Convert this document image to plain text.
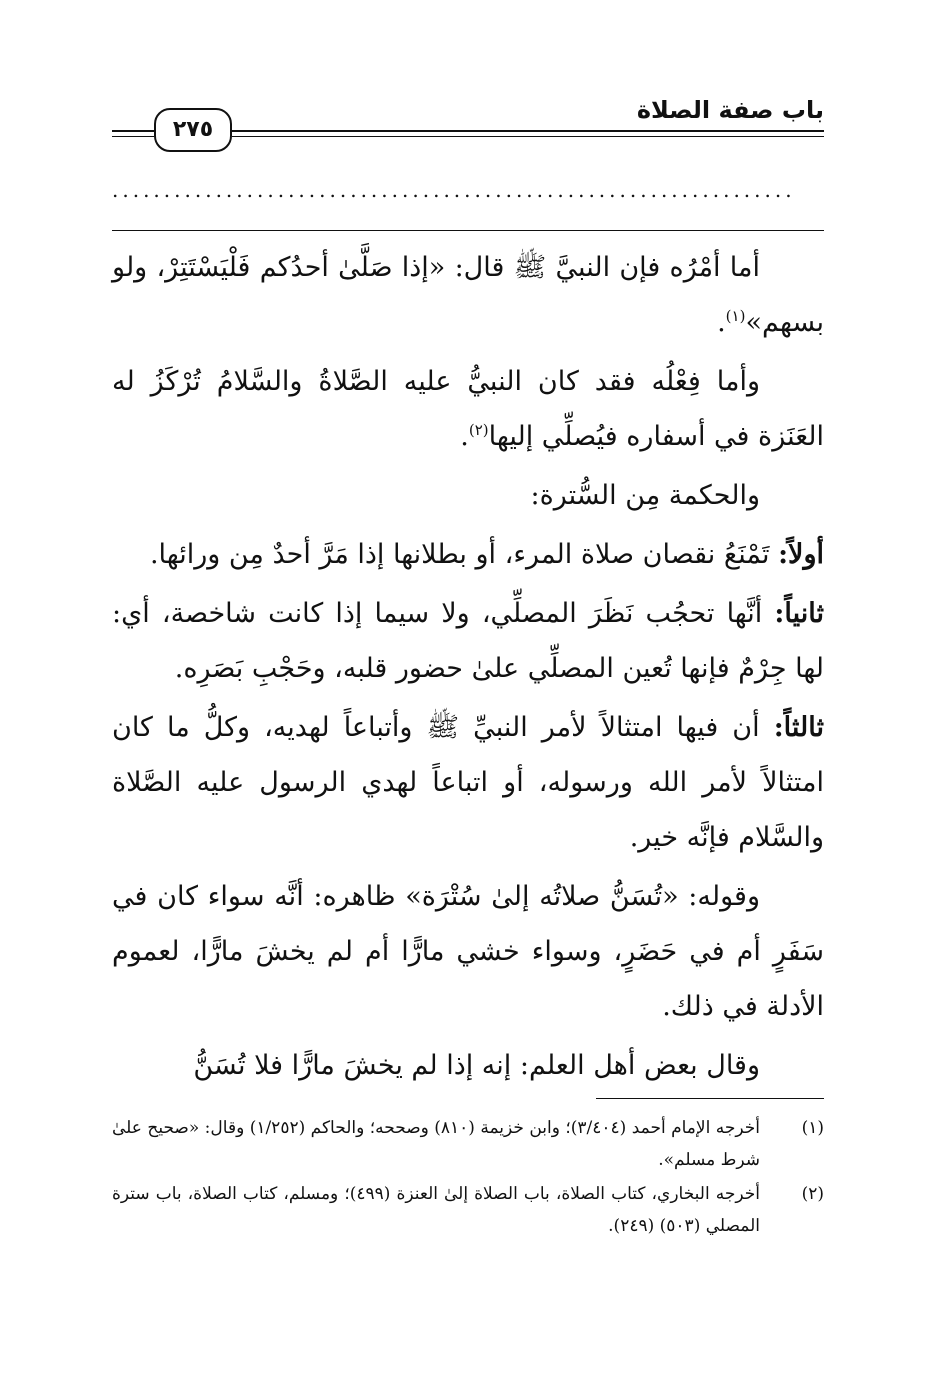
باب صفة الصلاة
٢٧٥
..................................................................

أما أمْرُه فإن النبيَّ ﷺ قال: «إذا صَلَّىٰ أحدُكم فَلْيَسْتَتِرْ، ولو بسهم»$^{(١)}$.

وأما فِعْلُه فقد كان النبيُّ عليه الصَّلاةُ والسَّلامُ تُرْكَزُ له العَنَزة في أسفاره فيُصلِّي إليها$^{(٢)}$.

والحكمة مِن السُّترة:

أولاً: تَمْنَعُ نقصان صلاة المرء، أو بطلانها إذا مَرَّ أحدٌ مِن ورائها.

ثانياً: أنَّها تحجُب نَظَرَ المصلِّي، ولا سيما إذا كانت شاخصة، أي: لها جِرْمٌ فإنها تُعين المصلِّي علىٰ حضور قلبه، وحَجْبِ بَصَرِه.

ثالثاً: أن فيها امتثالاً لأمر النبيِّ ﷺ وأتباعاً لهديه، وكلُّ ما كان امتثالاً لأمر الله ورسوله، أو اتباعاً لهدي الرسول عليه الصَّلاة والسَّلام فإنَّه خير.

وقوله: «تُسَنُّ صلاتُه إلىٰ سُتْرَة» ظاهره: أنَّه سواء كان في سَفَرٍ أم في حَضَرٍ، وسواء خشي مارًّا أم لم يخشَ مارًّا، لعموم الأدلة في ذلك.

وقال بعض أهل العلم: إنه إذا لم يخشَ مارًّا فلا تُسَنُّ

(١)
أخرجه الإمام أحمد (٣/٤٠٤)؛ وابن خزيمة (٨١٠) وصححه؛ والحاكم (١/٢٥٢) وقال: «صحيح علىٰ شرط مسلم».
(٢)
أخرجه البخاري، كتاب الصلاة، باب الصلاة إلىٰ العنزة (٤٩٩)؛ ومسلم، كتاب الصلاة، باب سترة المصلي (٥٠٣) (٢٤٩).
